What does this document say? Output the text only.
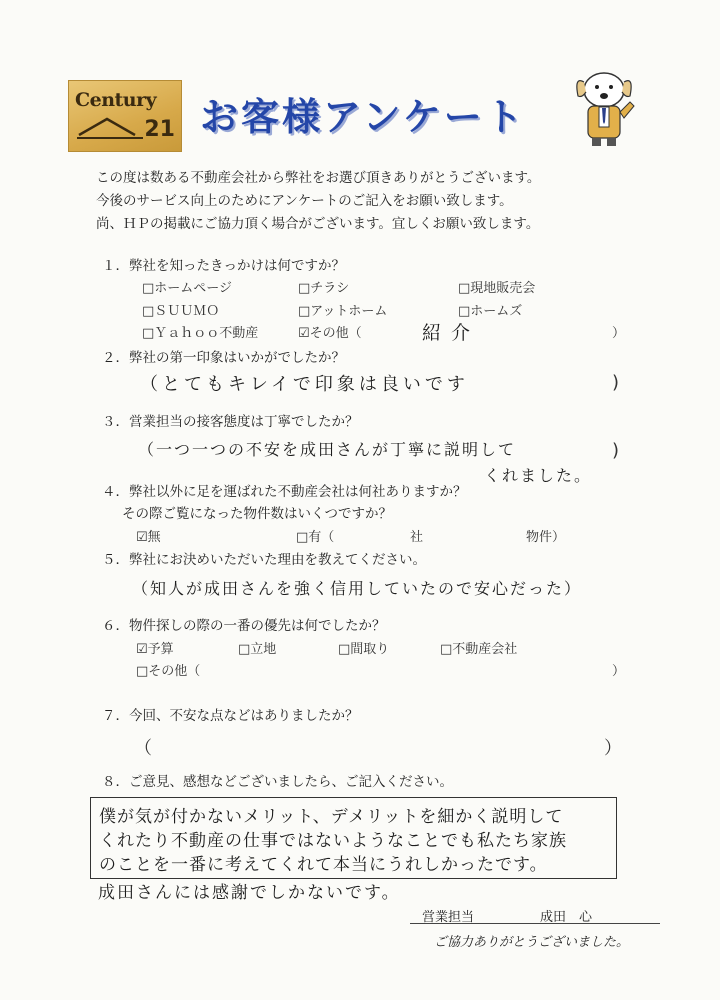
Century
21 お客様アンケート
この度は数ある不動産会社から弊社をお選び頂きありがとうございます。
今後のサービス向上のためにアンケートのご記入をお願い致します。
尚、ＨＰの掲載にご協力頂く場合がございます。宜しくお願い致します。
１．弊社を知ったきっかけは何ですか？
□ホームページ	□チラシ	□現地販売会
□ＳＵＵＭＯ	□アットホーム	□ホームズ
□Ｙａｈｏｏ不動産	☑その他（	紹介	）
２．弊社の第一印象はいかがでしたか？
（とてもキレイで印象は良いです	)
３．営業担当の接客態度は丁寧でしたか？
（一つ一つの不安を成田さんが丁寧に説明して
くれました。
)
４．弊社以外に足を運ばれた不動産会社は何社ありますか？
その際ご覧になった物件数はいくつですか？
☑無	□有（	社	物件）
５．弊社にお決めいただいた理由を教えてください。
（知人が成田さんを強く信用していたので安心だった）
６．物件探しの際の一番の優先は何でしたか？
☑予算	□立地	□間取り	□不動産会社
□その他（	）
７．今回、不安な点などはありましたか？
（	）
８．ご意見、感想などございましたら、ご記入ください。
僕が気が付かないメリット、デメリットを細かく説明して
くれたり不動産の仕事ではないようなことでも私たち家族
のことを一番に考えてくれて本当にうれしかったです。
成田さんには感謝でしかないです。
営業担当	成田　心
ご協力ありがとうございました。
